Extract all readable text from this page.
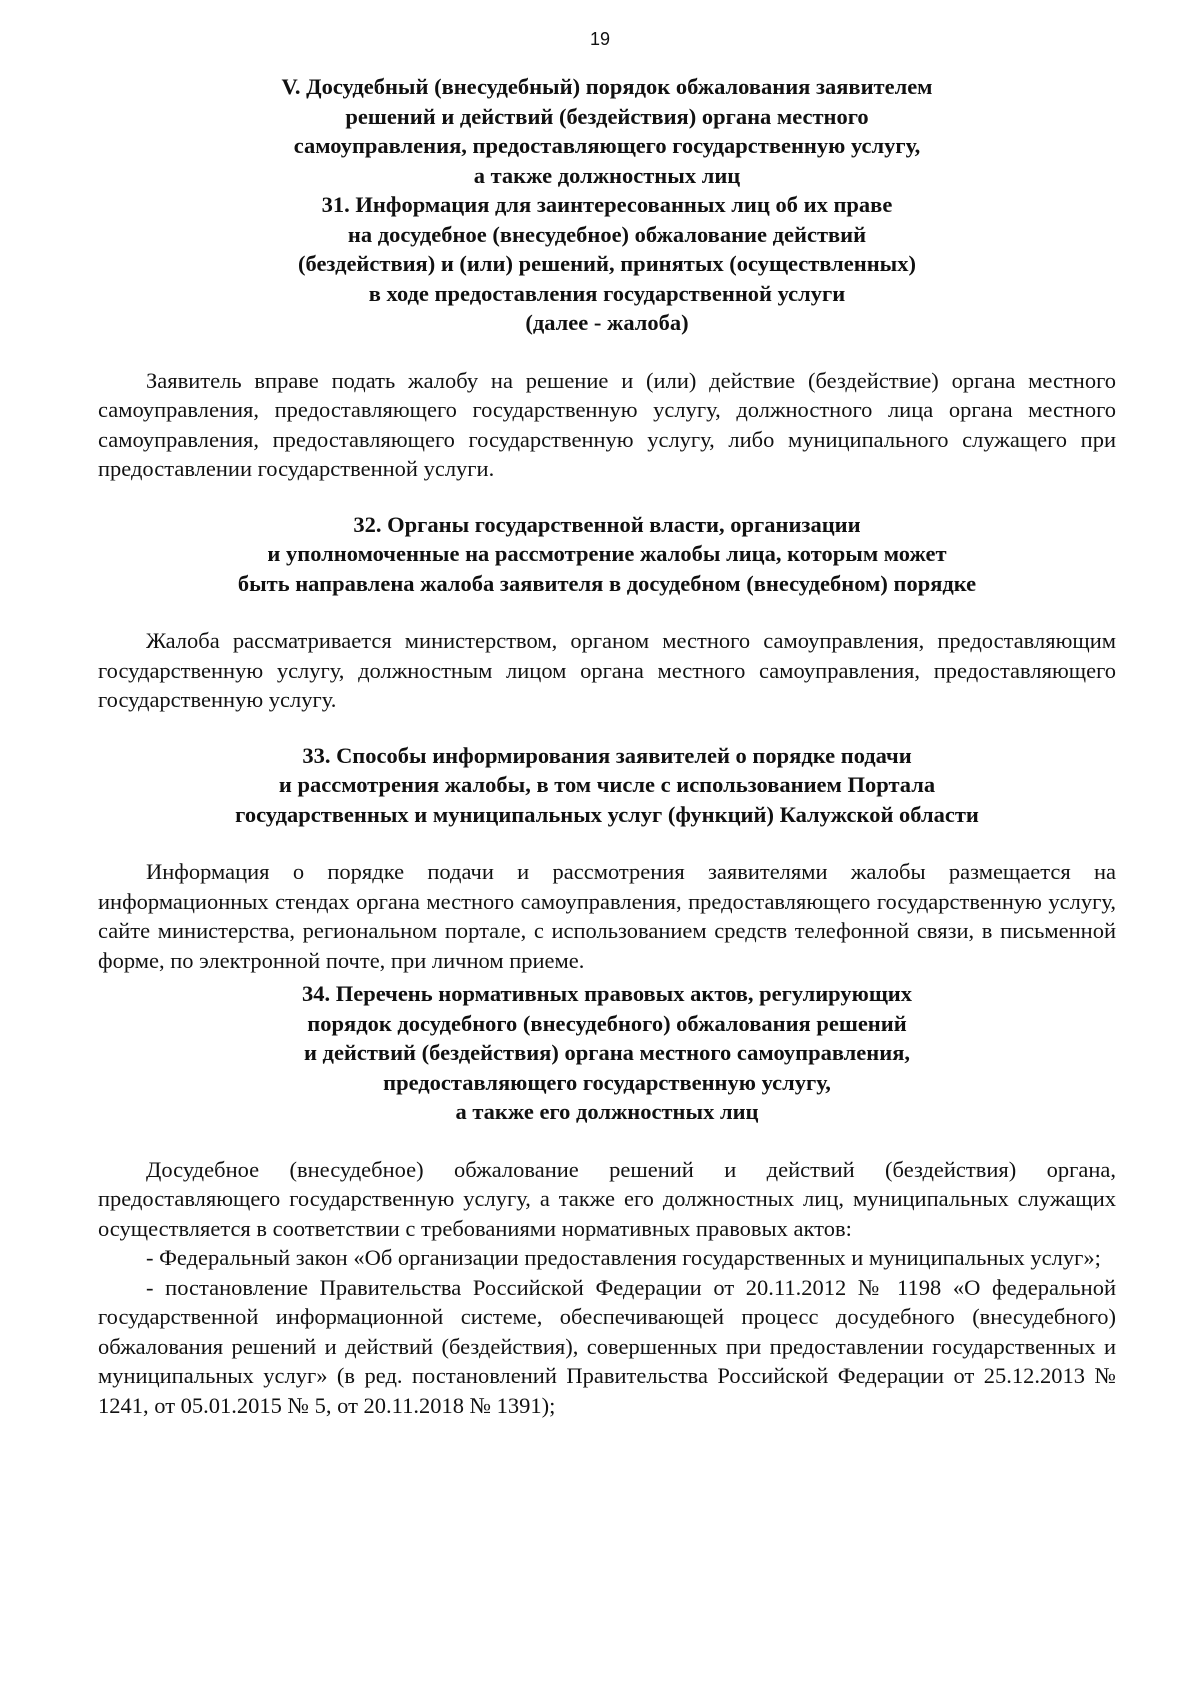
19
V. Досудебный (внесудебный) порядок обжалования заявителем
решений и действий (бездействия) органа местного
самоуправления, предоставляющего государственную услугу,
а также должностных лиц
31. Информация для заинтересованных лиц об их праве
на досудебное (внесудебное) обжалование действий
(бездействия) и (или) решений, принятых (осуществленных)
в ходе предоставления государственной услуги
(далее - жалоба)

Заявитель вправе подать жалобу на решение и (или) действие (бездействие) органа местного самоуправления, предоставляющего государственную услугу, должностного лица органа местного самоуправления, предоставляющего государственную услугу, либо муниципального служащего при предоставлении государственной услуги.

32. Органы государственной власти, организации
и уполномоченные на рассмотрение жалобы лица, которым может
быть направлена жалоба заявителя в досудебном (внесудебном) порядке

Жалоба рассматривается министерством, органом местного самоуправления, предоставляющим государственную услугу, должностным лицом органа местного самоуправления, предоставляющего государственную услугу.

33. Способы информирования заявителей о порядке подачи
и рассмотрения жалобы, в том числе с использованием Портала
государственных и муниципальных услуг (функций) Калужской области

Информация о порядке подачи и рассмотрения заявителями жалобы размещается на информационных стендах органа местного самоуправления, предоставляющего государственную услугу, сайте министерства, региональном портале, с использованием средств телефонной связи, в письменной форме, по электронной почте, при личном приеме.

34. Перечень нормативных правовых актов, регулирующих
порядок досудебного (внесудебного) обжалования решений
и действий (бездействия) органа местного самоуправления,
предоставляющего государственную услугу,
а также его должностных лиц

Досудебное (внесудебное) обжалование решений и действий (бездействия) органа, предоставляющего государственную услугу, а также его должностных лиц, муниципальных служащих осуществляется в соответствии с требованиями нормативных правовых актов:

- Федеральный закон «Об организации предоставления государственных и муниципальных услуг»;

- постановление Правительства Российской Федерации от 20.11.2012 № 1198 «О федеральной государственной информационной системе, обеспечивающей процесс досудебного (внесудебного) обжалования решений и действий (бездействия), совершенных при предоставлении государственных и муниципальных услуг» (в ред. постановлений Правительства Российской Федерации от 25.12.2013 № 1241, от 05.01.2015 № 5, от 20.11.2018 № 1391);
